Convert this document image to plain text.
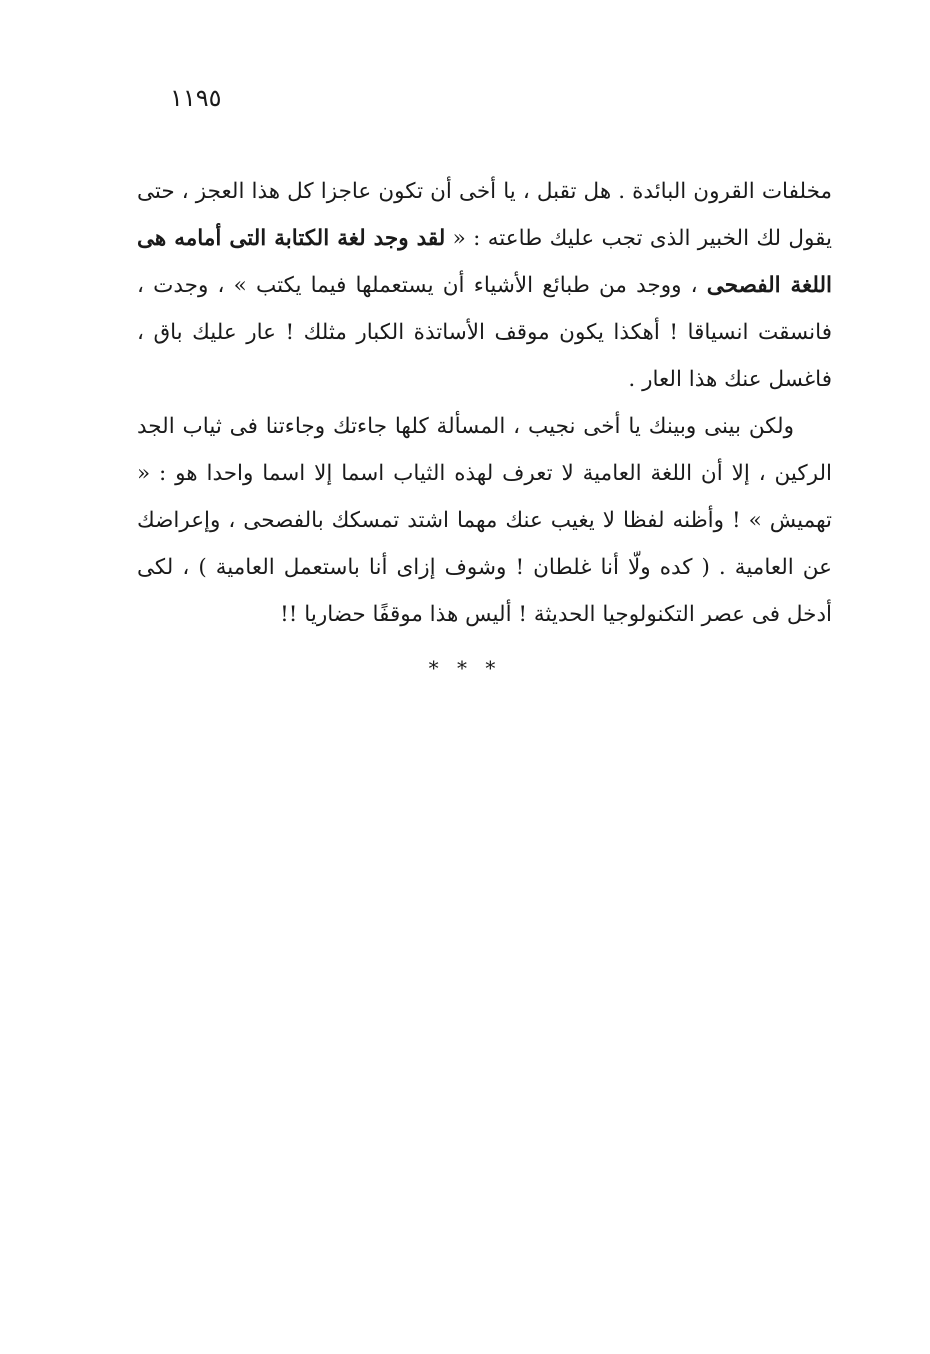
١١٩٥

مخلفات القرون البائدة . هل تقبل ، يا أخى أن تكون عاجزا كل هذا العجز ، حتى يقول لك الخبير الذى تجب عليك طاعته : « لقد وجد لغة الكتابة التى أمامه هى اللغة الفصحى ، ووجد من طبائع الأشياء أن يستعملها فيما يكتب » ، وجدت ، فانسقت انسياقا ! أهكذا يكون موقف الأساتذة الكبار مثلك ! عار عليك باق ، فاغسل عنك هذا العار .

ولكن بينى وبينك يا أخى نجيب ، المسألة كلها جاءتك وجاءتنا فى ثياب الجد الركين ، إلا أن اللغة العامية لا تعرف لهذه الثياب اسما إلا اسما واحدا هو : « تهميش » ! وأظنه لفظا لا يغيب عنك مهما اشتد تمسكك بالفصحى ، وإعراضك عن العامية . ( كده ولّا أنا غلطان ! وشوف إزاى أنا باستعمل العامية ) ، لكى أدخل فى عصر التكنولوجيا الحديثة ! أليس هذا موقفًا حضاريا !!

* * *
